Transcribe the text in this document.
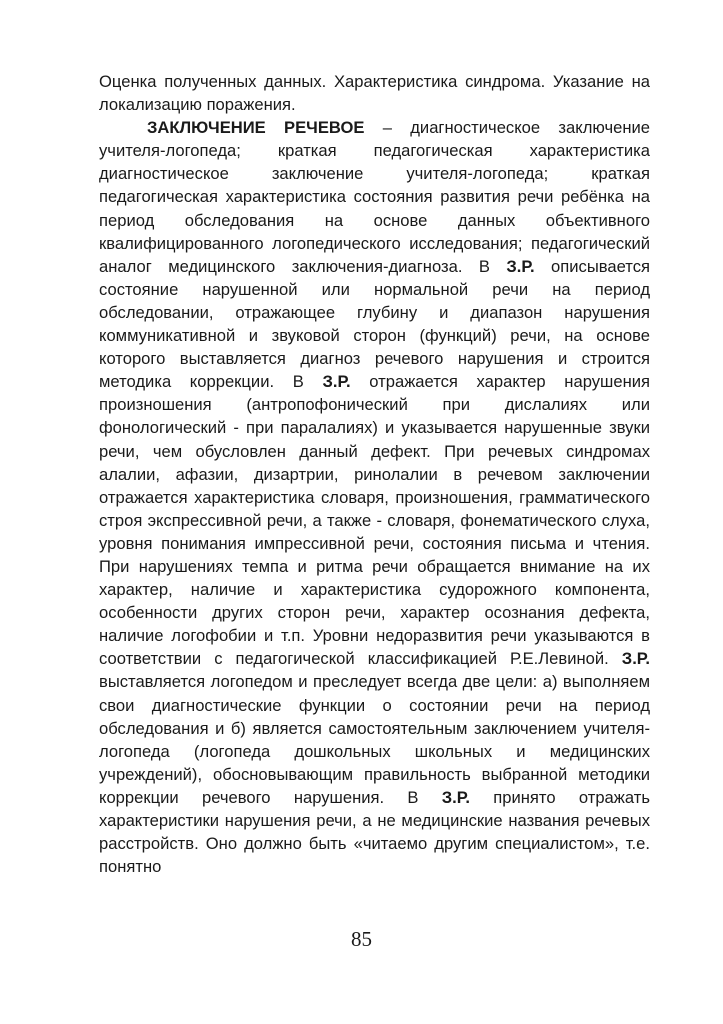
Оценка полученных данных. Характеристика синдрома. Указание на локализацию поражения.

ЗАКЛЮЧЕНИЕ РЕЧЕВОЕ – диагностическое заключение учителя-логопеда; краткая педагогическая характеристика диагностическое заключение учителя-логопеда; краткая педагогическая характеристика состояния развития речи ребёнка на период обследования на основе данных объективного квалифицированного логопедического исследования; педагогический аналог медицинского заключения-диагноза. В З.Р. описывается состояние нарушенной или нормальной речи на период обследовании, отражающее глубину и диапазон нарушения коммуникативной и звуковой сторон (функций) речи, на основе которого выставляется диагноз речевого нарушения и строится методика коррекции. В З.Р. отражается характер нарушения произношения (антропофонический при дислалиях или фонологический - при паралалиях) и указывается нарушенные звуки речи, чем обусловлен данный дефект. При речевых синдромах алалии, афазии, дизартрии, ринолалии в речевом заключении отражается характеристика словаря, произношения, грамматического строя экспрессивной речи, а также - словаря, фонематического слуха, уровня понимания импрессивной речи, состояния письма и чтения. При нарушениях темпа и ритма речи обращается внимание на их характер, наличие и характеристика судорожного компонента, особенности других сторон речи, характер осознания дефекта, наличие логофобии и т.п. Уровни недоразвития речи указываются в соответствии с педагогической классификацией Р.Е.Левиной. З.Р. выставляется логопедом и преследует всегда две цели: а) выполняем свои диагностические функции о состоянии речи на период обследования и б) является самостоятельным заключением учителя-логопеда (логопеда дошкольных школьных и медицинских учреждений), обосновывающим правильность выбранной методики коррекции речевого нарушения. В З.Р. принято отражать характеристики нарушения речи, а не медицинские названия речевых расстройств. Оно должно быть «читаемо другим специалистом», т.е. понятно

85
